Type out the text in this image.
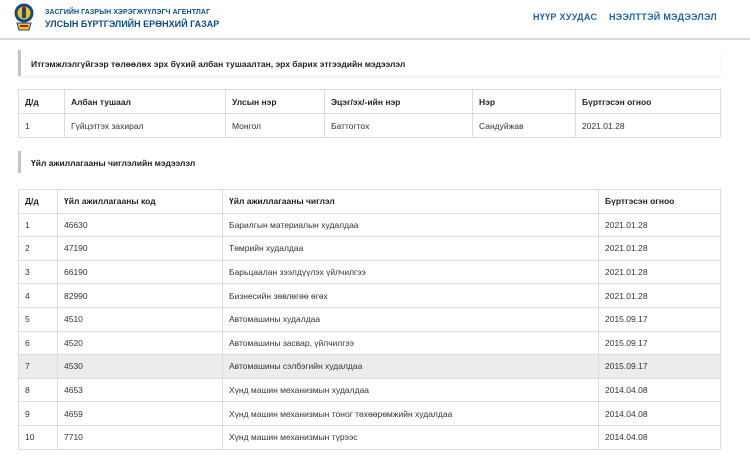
ЗАСГИЙН ГАЗРЫН ХЭРЭГЖҮҮЛЭГЧ АГЕНТЛАГ
УЛСЫН БҮРТГЭЛИЙН ЕРӨНХИЙ ГАЗАР
НҮҮР ХУУДАС НЭЭЛТТЭЙ МЭДЭЭЛЭЛ
Итгэмжлэлгүйгээр төлөөлөх эрх бүхий албан тушаалтан, эрх барих этгээдийн мэдээлэл
Д/д	Албан тушаал	Улсын нэр	Эцэг/эх/-ийн нэр	Нэр	Бүртгэсэн огноо
1	Гүйцэтгэх захирал	Монгол	Баттогтох	Сандуйжав	2021.01.28
Үйл ажиллагааны чиглэлийн мэдээлэл
Д/д	Үйл ажиллагааны код	Үйл ажиллагааны чиглэл	Бүртгэсэн огноо
1	46630	Барилгын материалын худалдаа	2021.01.28
2	47190	Төмрийн худалдаа	2021.01.28
3	66190	Барьцаалан зээлдүүлэх үйлчилгээ	2021.01.28
4	82990	Бизнесийн зөвлөгөө өгөх	2021.01.28
5	4510	Автомашины худалдаа	2015.09.17
6	4520	Автомашины засвар, үйлчилгээ	2015.09.17
7	4530	Автомашины сэлбэгийн худалдаа	2015.09.17
8	4653	Хүнд машин механизмын худалдаа	2014.04.08
9	4659	Хүнд машин механизмын тоног төхөөрөмжийн худалдаа	2014.04.08
10	7710	Хүнд машин механизмын түрээс	2014.04.08
